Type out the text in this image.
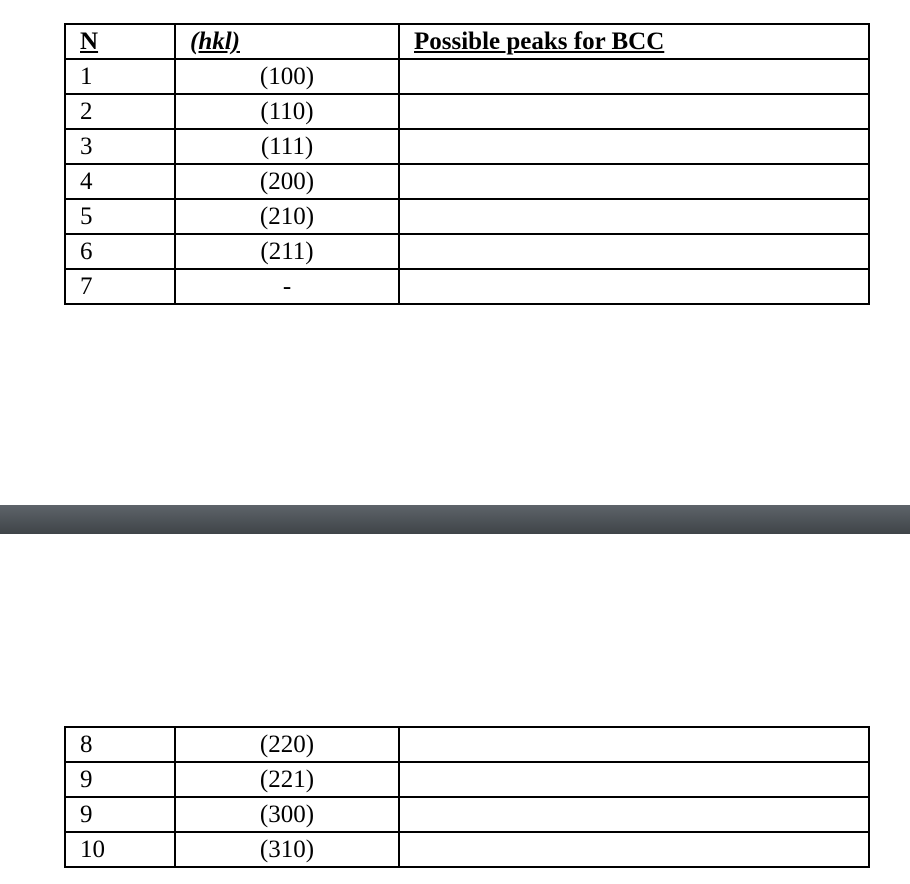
N	(hkl)	Possible peaks for BCC
1	(100)	
2	(110)	
3	(111)	
4	(200)	
5	(210)	
6	(211)	
7	-	
8	(220)	
9	(221)	
9	(300)	
10	(310)	
